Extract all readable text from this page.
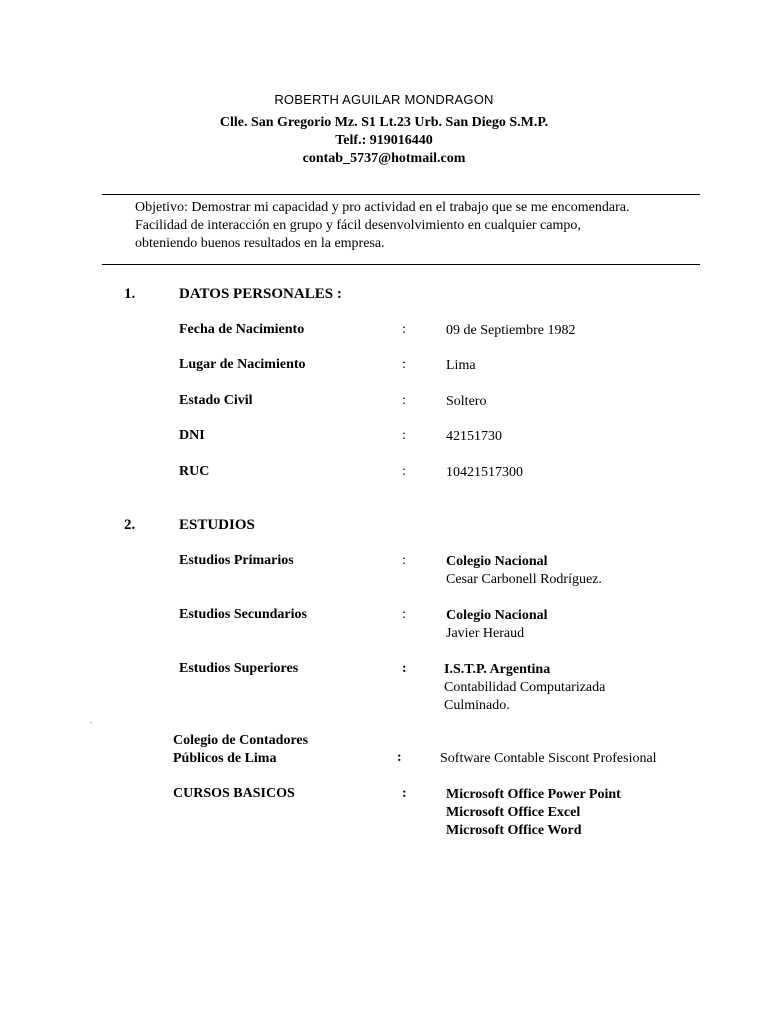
ROBERTH AGUILAR MONDRAGON
Clle. San Gregorio Mz. S1 Lt.23 Urb. San Diego S.M.P.
Telf.: 919016440
contab_5737@hotmail.com
Objetivo: Demostrar mi capacidad y pro actividad en el trabajo que se me encomendara.
Facilidad de interacción en grupo y fácil desenvolvimiento en cualquier campo,
obteniendo buenos resultados en la empresa.
1.	DATOS PERSONALES :
Fecha de Nacimiento	:	09 de Septiembre 1982
Lugar de Nacimiento	:	Lima
Estado Civil	:	Soltero
DNI	:	42151730
RUC	:	10421517300
2.	ESTUDIOS
Estudios Primarios	:	Colegio Nacional
Cesar Carbonell Rodríguez.
Estudios Secundarios	:	Colegio Nacional
Javier Heraud
Estudios Superiores	:	I.S.T.P. Argentina
Contabilidad Computarizada
Culminado.
.
Colegio de Contadores
Públicos de Lima	:	Software Contable Siscont Profesional
CURSOS BASICOS	:	Microsoft Office Power Point
Microsoft Office Excel
Microsoft Office Word
